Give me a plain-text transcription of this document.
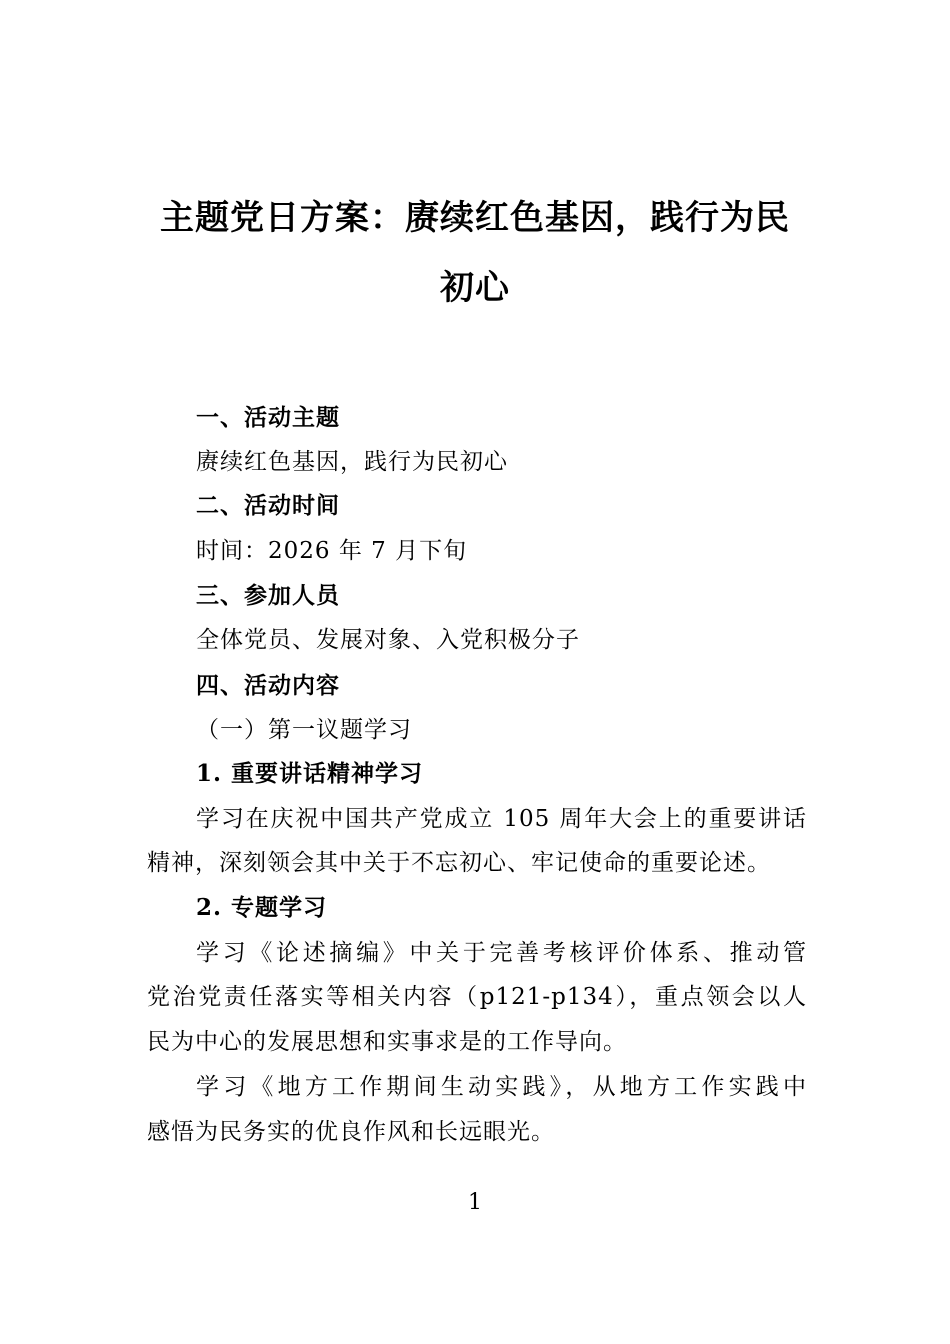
主题党日方案：赓续红色基因，践行为民
初心
一、活动主题
赓续红色基因，践行为民初心
二、活动时间
时间：2026 年 7 月下旬
三、参加人员
全体党员、发展对象、入党积极分子
四、活动内容
（一）第一议题学习
1. 重要讲话精神学习
学习在庆祝中国共产党成立 105 周年大会上的重要讲话
精神，深刻领会其中关于不忘初心、牢记使命的重要论述。
2. 专题学习
学习《论述摘编》中关于完善考核评价体系、推动管
党治党责任落实等相关内容（p121-p134），重点领会以人
民为中心的发展思想和实事求是的工作导向。
学习《地方工作期间生动实践》，从地方工作实践中
感悟为民务实的优良作风和长远眼光。
1
